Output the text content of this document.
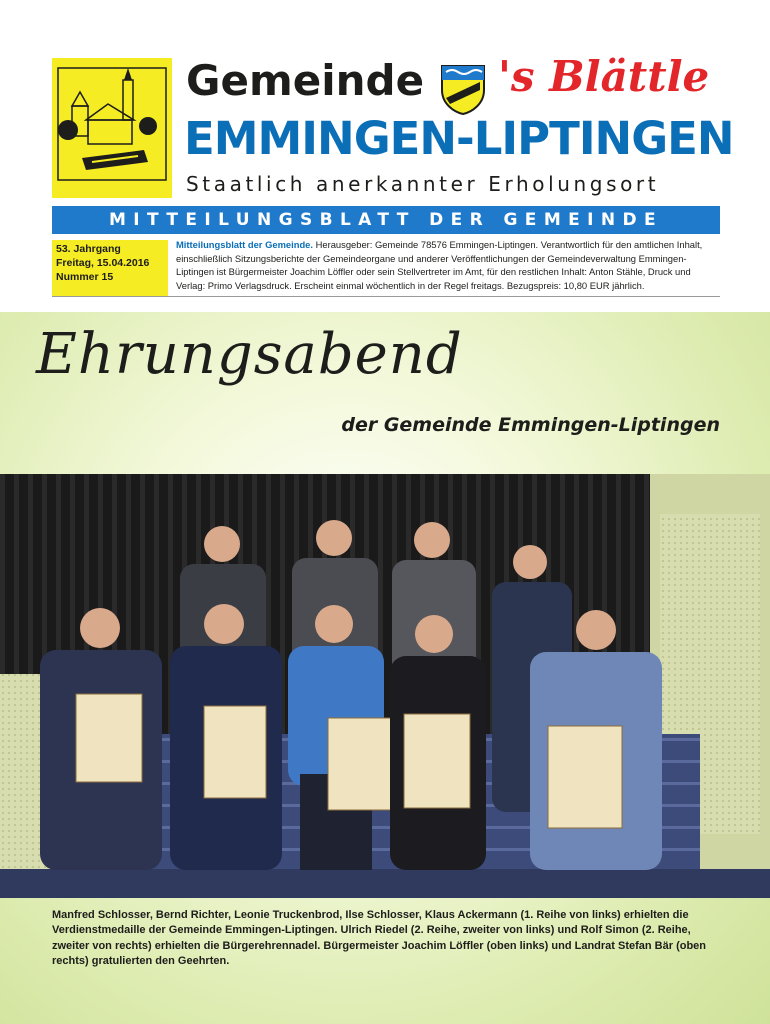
Gemeinde 's Blättle
EMMINGEN-LIPTINGEN
Staatlich anerkannter Erholungsort
MITTEILUNGSBLATT DER GEMEINDE
53. Jahrgang
Freitag, 15.04.2016
Nummer 15
Mitteilungsblatt der Gemeinde. Herausgeber: Gemeinde 78576 Emmingen-Liptingen. Verantwortlich für den amtlichen Inhalt, einschließlich Sitzungsberichte der Gemeindeorgane und anderer Veröffentlichungen der Gemeindeverwaltung Emmingen-Liptingen ist Bürgermeister Joachim Löffler oder sein Stellvertreter im Amt, für den restlichen Inhalt: Anton Stähle, Druck und Verlag: Primo Verlagsdruck. Erscheint einmal wöchentlich in der Regel freitags. Bezugspreis: 10,80 EUR jährlich.
Ehrungsabend
der Gemeinde Emmingen-Liptingen
Manfred Schlosser, Bernd Richter, Leonie Truckenbrod, Ilse Schlosser, Klaus Ackermann (1. Reihe von links) erhielten die Verdienstmedaille der Gemeinde Emmingen-Liptingen. Ulrich Riedel (2. Reihe, zweiter von links) und Rolf Simon (2. Reihe, zweiter von rechts) erhielten die Bürgerehrennadel. Bürgermeister Joachim Löffler (oben links) und Landrat Stefan Bär (oben rechts) gratulierten den Geehrten.
